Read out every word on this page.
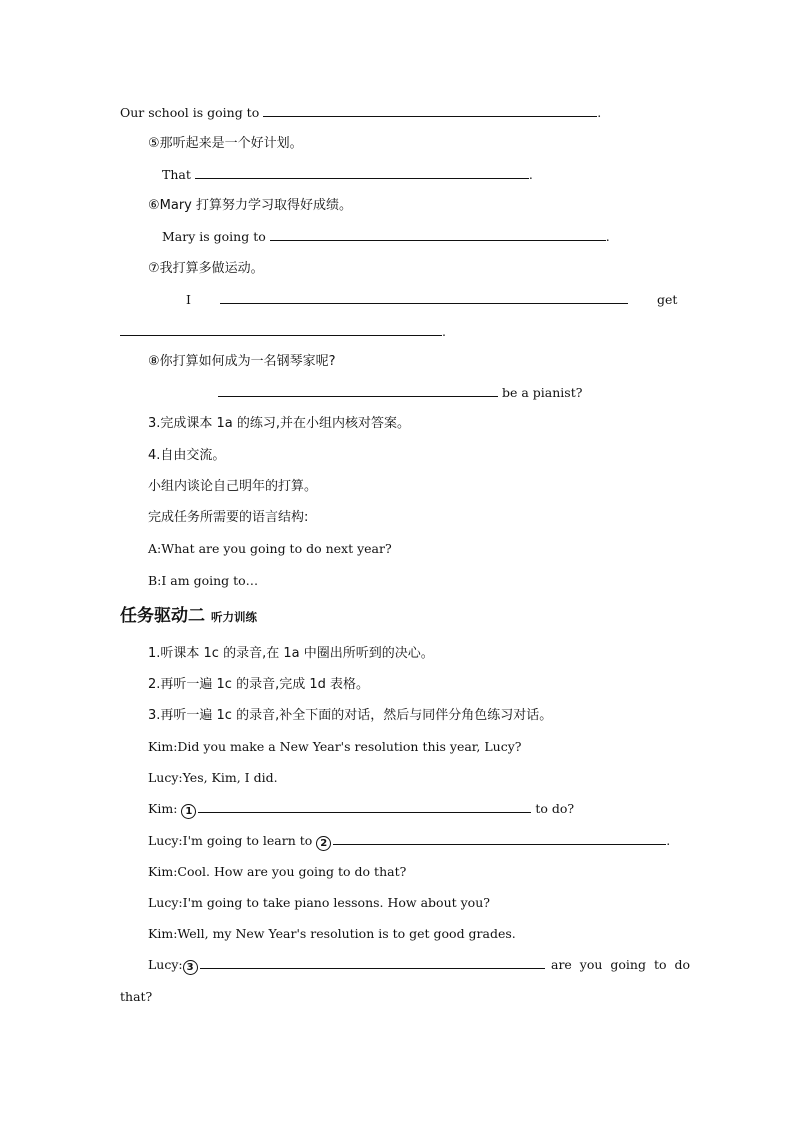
Our school is going to	.
⑤那听起来是一个好计划。
That	.
⑥Mary 打算努力学习取得好成绩。
Mary is going to	.
⑦我打算多做运动。
I	get
.
⑧你打算如何成为一名钢琴家呢?
be a pianist?
3.完成课本 1a 的练习,并在小组内核对答案。
4.自由交流。
小组内谈论自己明年的打算。
完成任务所需要的语言结构:
A:What are you going to do next year?
B:I am going to…
任务驱动二 听力训练
1.听课本 1c 的录音,在 1a 中圈出所听到的决心。
2.再听一遍 1c 的录音,完成 1d 表格。
3.再听一遍 1c 的录音,补全下面的对话，然后与同伴分角色练习对话。
Kim:Did you make a New Year's resolution this year, Lucy?
Lucy:Yes, Kim, I did.
Kim: 1	to do?
Lucy:I'm going to learn to 2	.
Kim:Cool. How are you going to do that?
Lucy:I'm going to take piano lessons. How about you?
Kim:Well, my New Year's resolution is to get good grades.
Lucy: 3	are you going to do
that?
